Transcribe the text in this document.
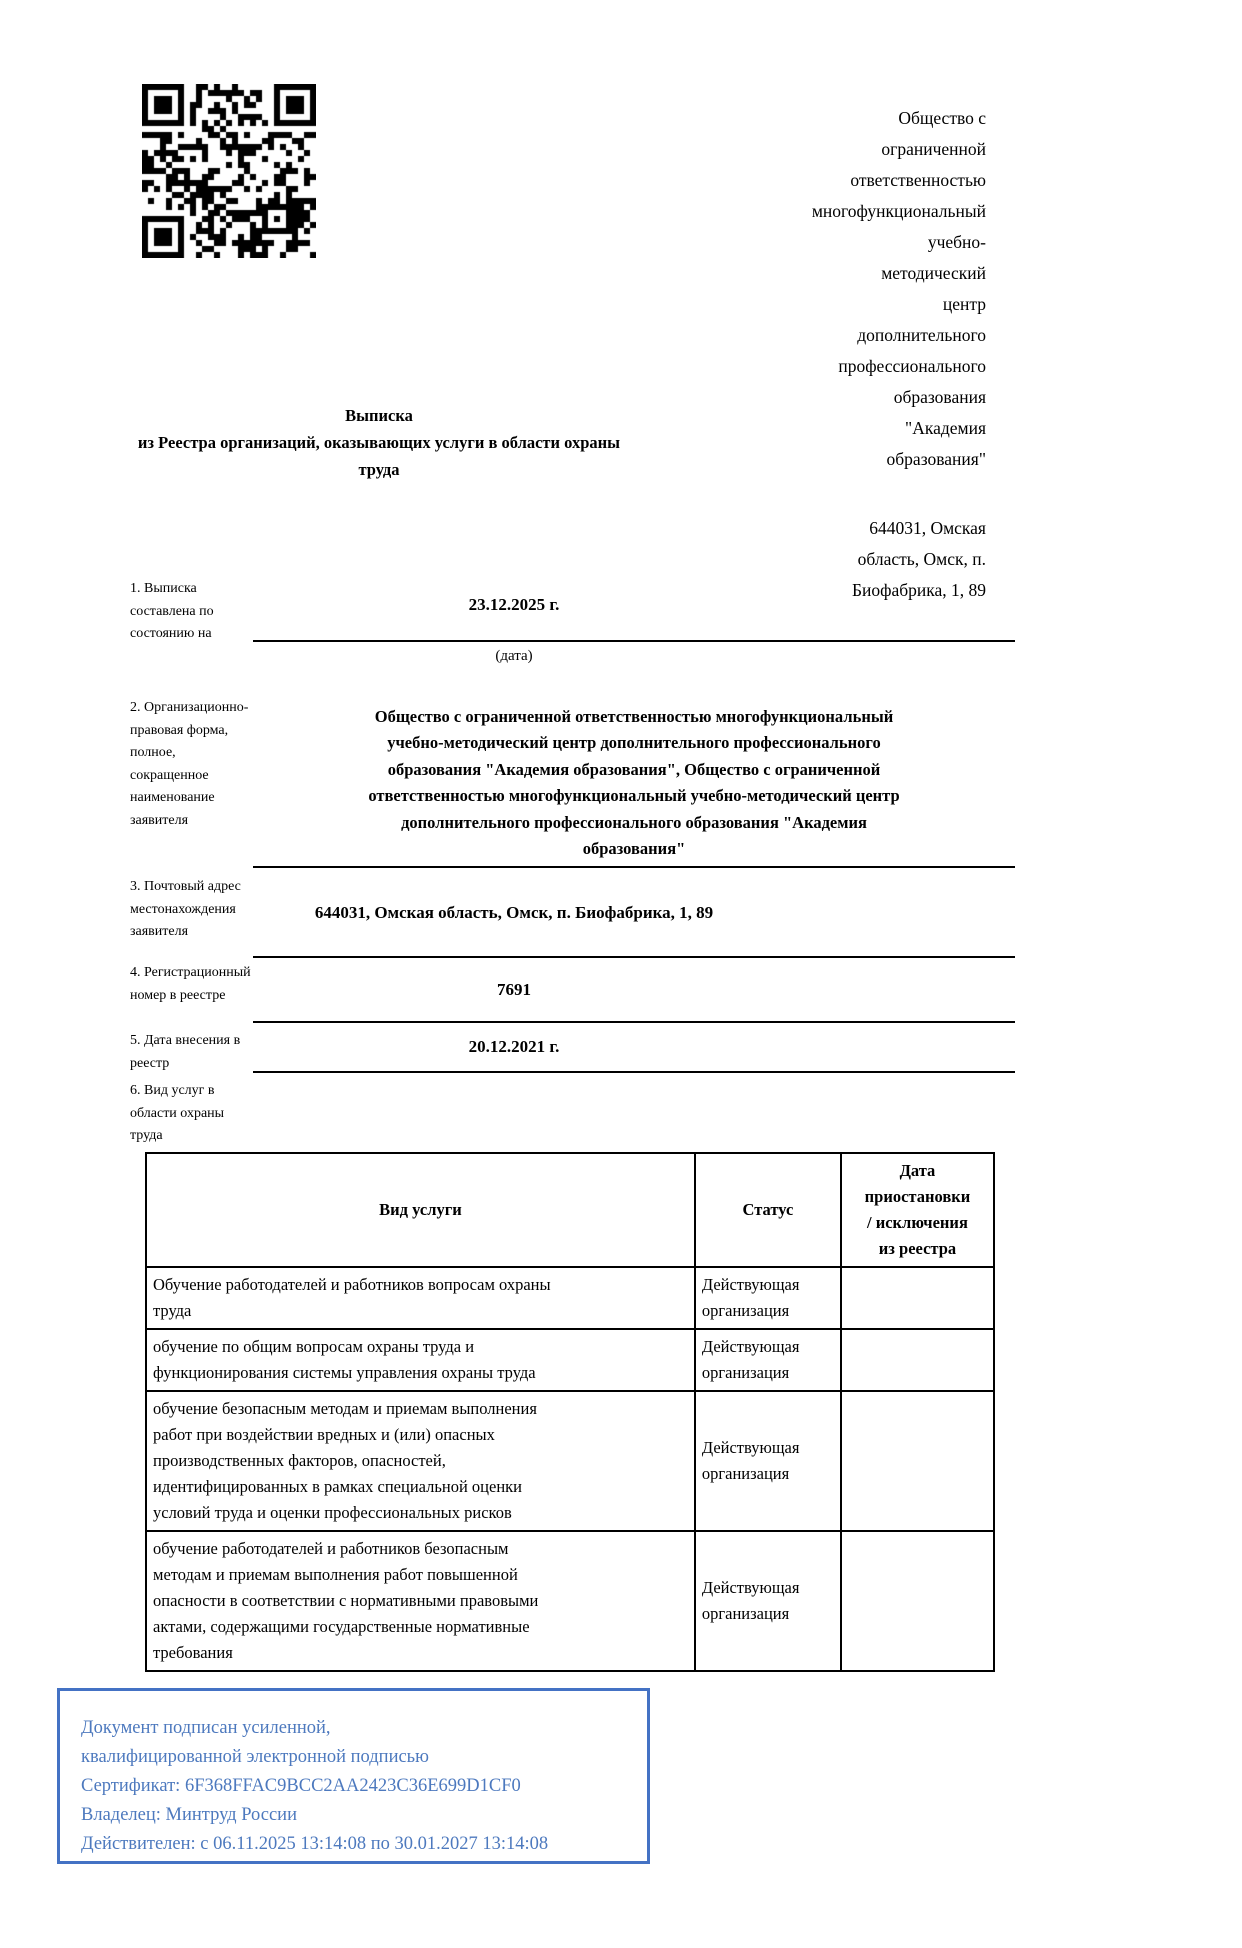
Общество с
ограниченной
ответственностью
многофункциональный
учебно-
методический
центр
дополнительного
профессионального
образования
"Академия
образования"

644031, Омская
область, Омск, п.
Биофабрика, 1, 89

Выписка
из Реестра организаций, оказывающих услуги в области охраны
труда
1. Выписка составлена по состоянию на
23.12.2025 г.
(дата)
2. Организационно-правовая форма, полное, сокращенное наименование заявителя
Общество с ограниченной ответственностью многофункциональный
учебно-методический центр дополнительного профессионального
образования "Академия образования", Общество с ограниченной
ответственностью многофункциональный учебно-методический центр
дополнительного профессионального образования "Академия
образования"
3. Почтовый адрес местонахождения заявителя
644031, Омская область, Омск, п. Биофабрика, 1, 89
4. Регистрационный номер в реестре	7691
5. Дата внесения в реестр
20.12.2021 г.
6. Вид услуг в области охраны труда
Вид услуги	Статус	Дата
приостановки
/ исключения
из реестра
Обучение работодателей и работников вопросам охраны
труда	Действующая
организация	
обучение по общим вопросам охраны труда и
функционирования системы управления охраны труда	Действующая
организация	
обучение безопасным методам и приемам выполнения
работ при воздействии вредных и (или) опасных
производственных факторов, опасностей,
идентифицированных в рамках специальной оценки
условий труда и оценки профессиональных рисков	Действующая
организация	
обучение работодателей и работников безопасным
методам и приемам выполнения работ повышенной
опасности в соответствии с нормативными правовыми
актами, содержащими государственные нормативные
требования	Действующая
организация	
Документ подписан усиленной,
квалифицированной электронной подписью
Сертификат: 6F368FFAC9BCC2AA2423C36E699D1CF0
Владелец: Минтруд России
Действителен: с 06.11.2025 13:14:08 по 30.01.2027 13:14:08
